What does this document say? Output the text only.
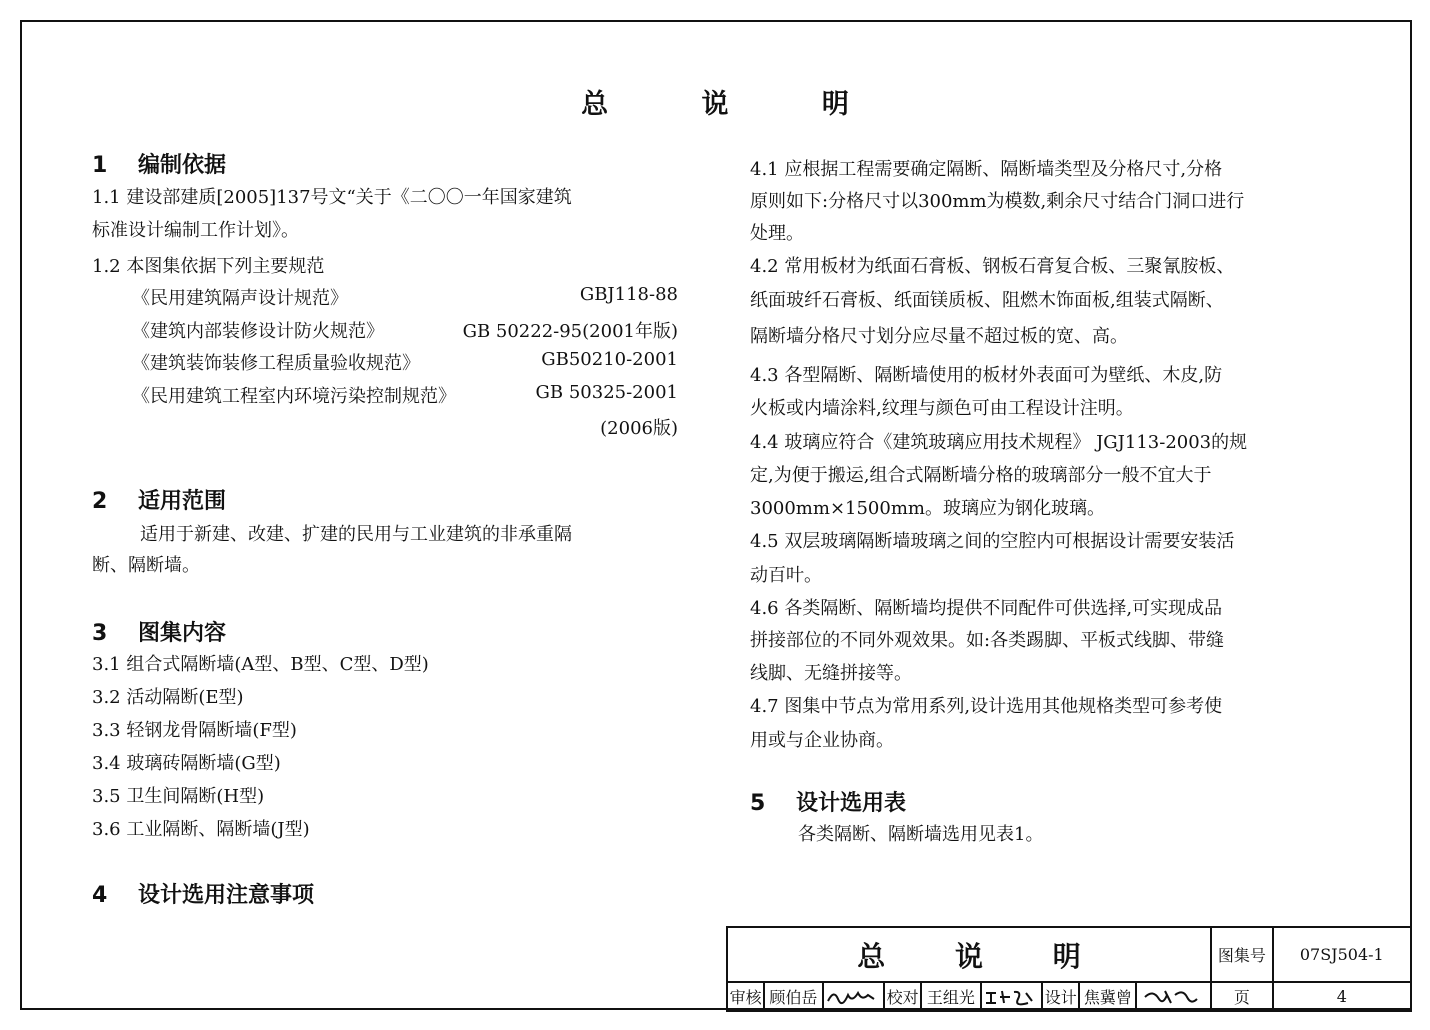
总 说 明
1 编制依据
1.1 建设部建质[2005]137号文“关于《二〇〇一年国家建筑
标准设计编制工作计划》。
1.2 本图集依据下列主要规范
《民用建筑隔声设计规范》	GBJ118-88
《建筑内部装修设计防火规范》	GB 50222-95(2001年版)
《建筑装饰装修工程质量验收规范》	GB50210-2001
《民用建筑工程室内环境污染控制规范》	GB 50325-2001
(2006版)
2 适用范围
适用于新建、改建、扩建的民用与工业建筑的非承重隔
断、隔断墙。
3 图集内容
3.1 组合式隔断墙(A型、B型、C型、D型)
3.2 活动隔断(E型)
3.3 轻钢龙骨隔断墙(F型)
3.4 玻璃砖隔断墙(G型)
3.5 卫生间隔断(H型)
3.6 工业隔断、隔断墙(J型)
4 设计选用注意事项
4.1 应根据工程需要确定隔断、隔断墙类型及分格尺寸,分格
原则如下:分格尺寸以300mm为模数,剩余尺寸结合门洞口进行
处理。
4.2 常用板材为纸面石膏板、钢板石膏复合板、三聚氰胺板、
纸面玻纤石膏板、纸面镁质板、阻燃木饰面板,组装式隔断、
隔断墙分格尺寸划分应尽量不超过板的宽、高。
4.3 各型隔断、隔断墙使用的板材外表面可为壁纸、木皮,防
火板或内墙涂料,纹理与颜色可由工程设计注明。
4.4 玻璃应符合《建筑玻璃应用技术规程》 JGJ113-2003的规
定,为便于搬运,组合式隔断墙分格的玻璃部分一般不宜大于
3000mm×1500mm。玻璃应为钢化玻璃。
4.5 双层玻璃隔断墙玻璃之间的空腔内可根据设计需要安装活
动百叶。
4.6 各类隔断、隔断墙均提供不同配件可供选择,可实现成品
拼接部位的不同外观效果。如:各类踢脚、平板式线脚、带缝
线脚、无缝拼接等。
4.7 图集中节点为常用系列,设计选用其他规格类型可参考使
用或与企业协商。
5 设计选用表
各类隔断、隔断墙选用见表1。
总 说 明									图集号	07SJ504-1
审核	顾伯岳		校对	王组光		设计	焦冀曾		页	4
